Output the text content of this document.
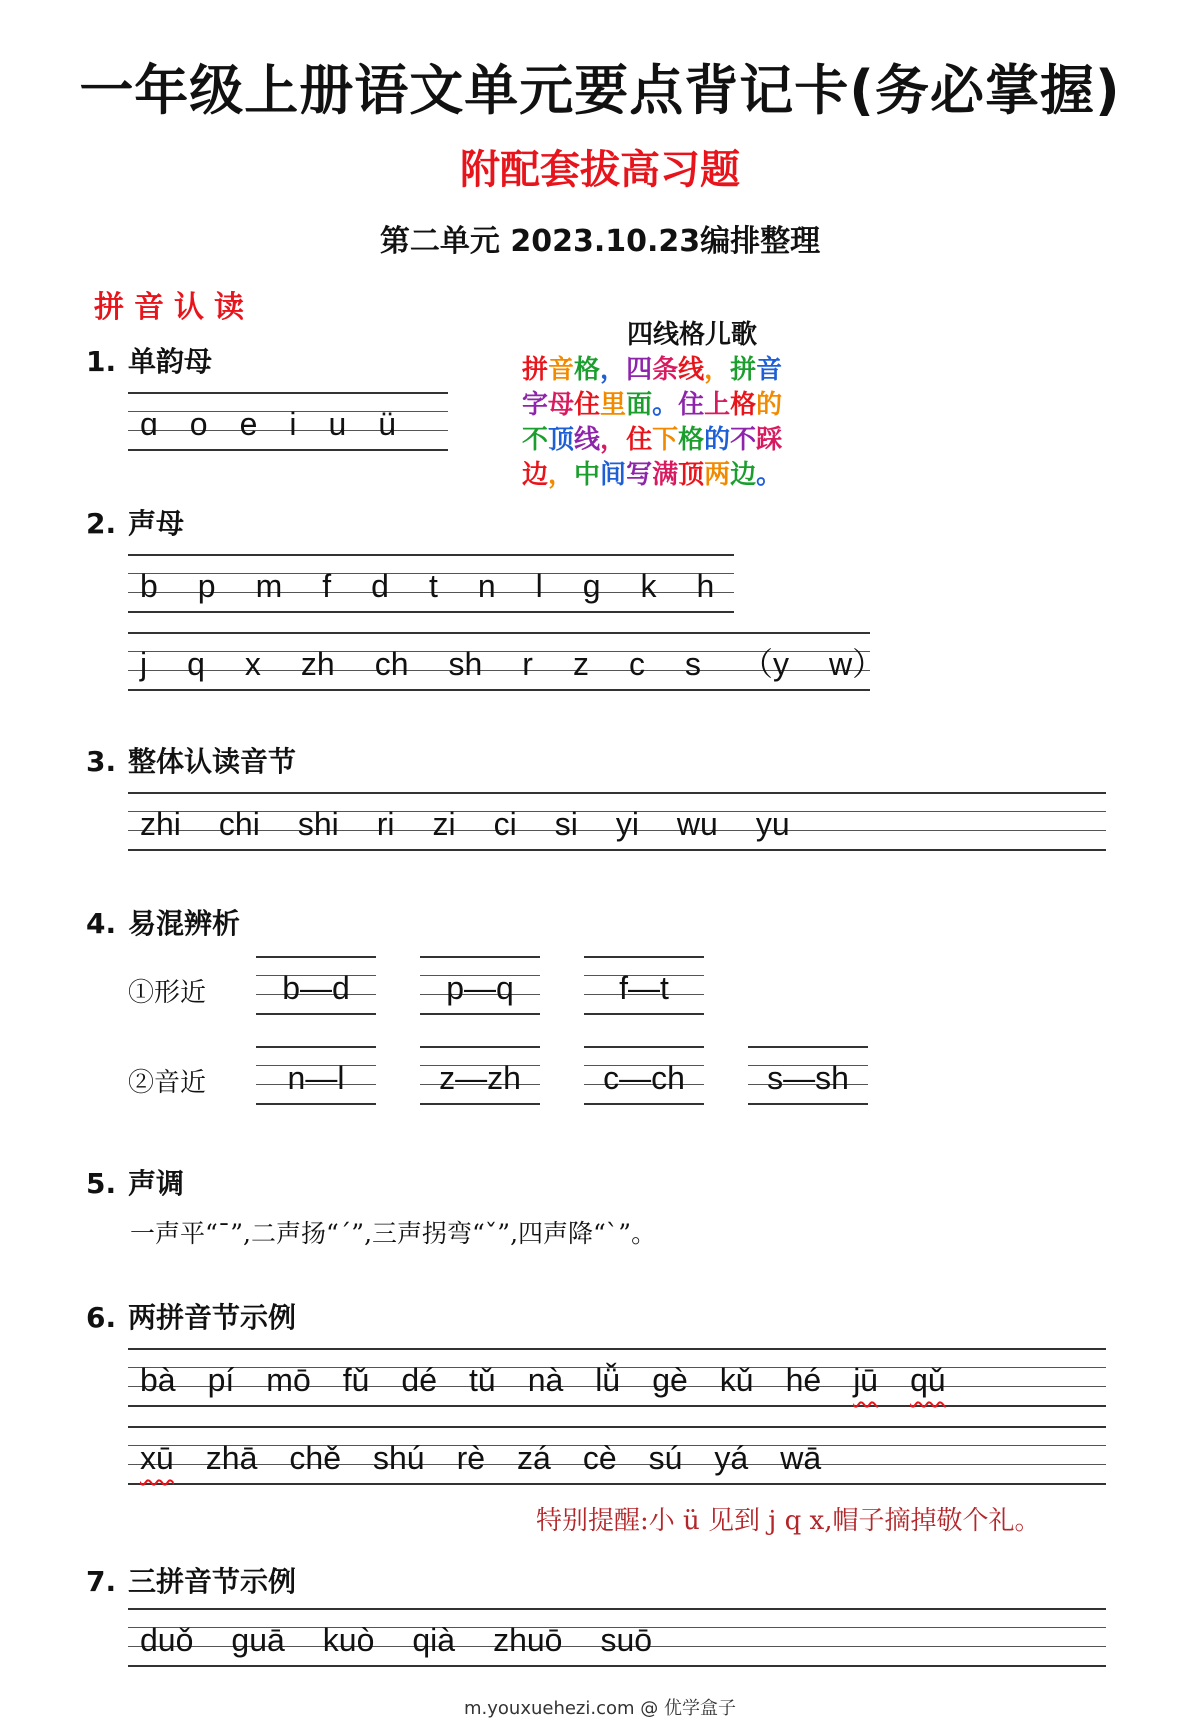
一年级上册语文单元要点背记卡(务必掌握)
附配套拔高习题
第二单元 2023.10.23编排整理
拼音认读
1. 单韵母
ɑ o e i u ü
四线格儿歌
拼音格，四条线，拼音
字母住里面。住上格的
不顶线，住下格的不踩
边，中间写满顶两边。
2. 声母
b p m f d t n l g k h
j q x zh ch sh r z c s （y w）
3. 整体认读音节
zhi chi shi ri zi ci si yi wu yu
4. 易混辨析
①形近	b—d	p—q	f—t
②音近	n—l	z—zh	c—ch	s—sh
5. 声调
一声平“ˉ”,二声扬“ˊ”,三声拐弯“ˇ”,四声降“ˋ”。
6. 两拼音节示例
bà pí mō fǔ dé tǔ nà lǚ gè kǔ hé jū qǔ
xū zhā chě shú rè zá cè sú yá wā
特别提醒:小 ü 见到 j q x,帽子摘掉敬个礼。
7. 三拼音节示例
duǒ guā kuò qià zhuō suō
m.youxuehezi.com @ 优学盒子
